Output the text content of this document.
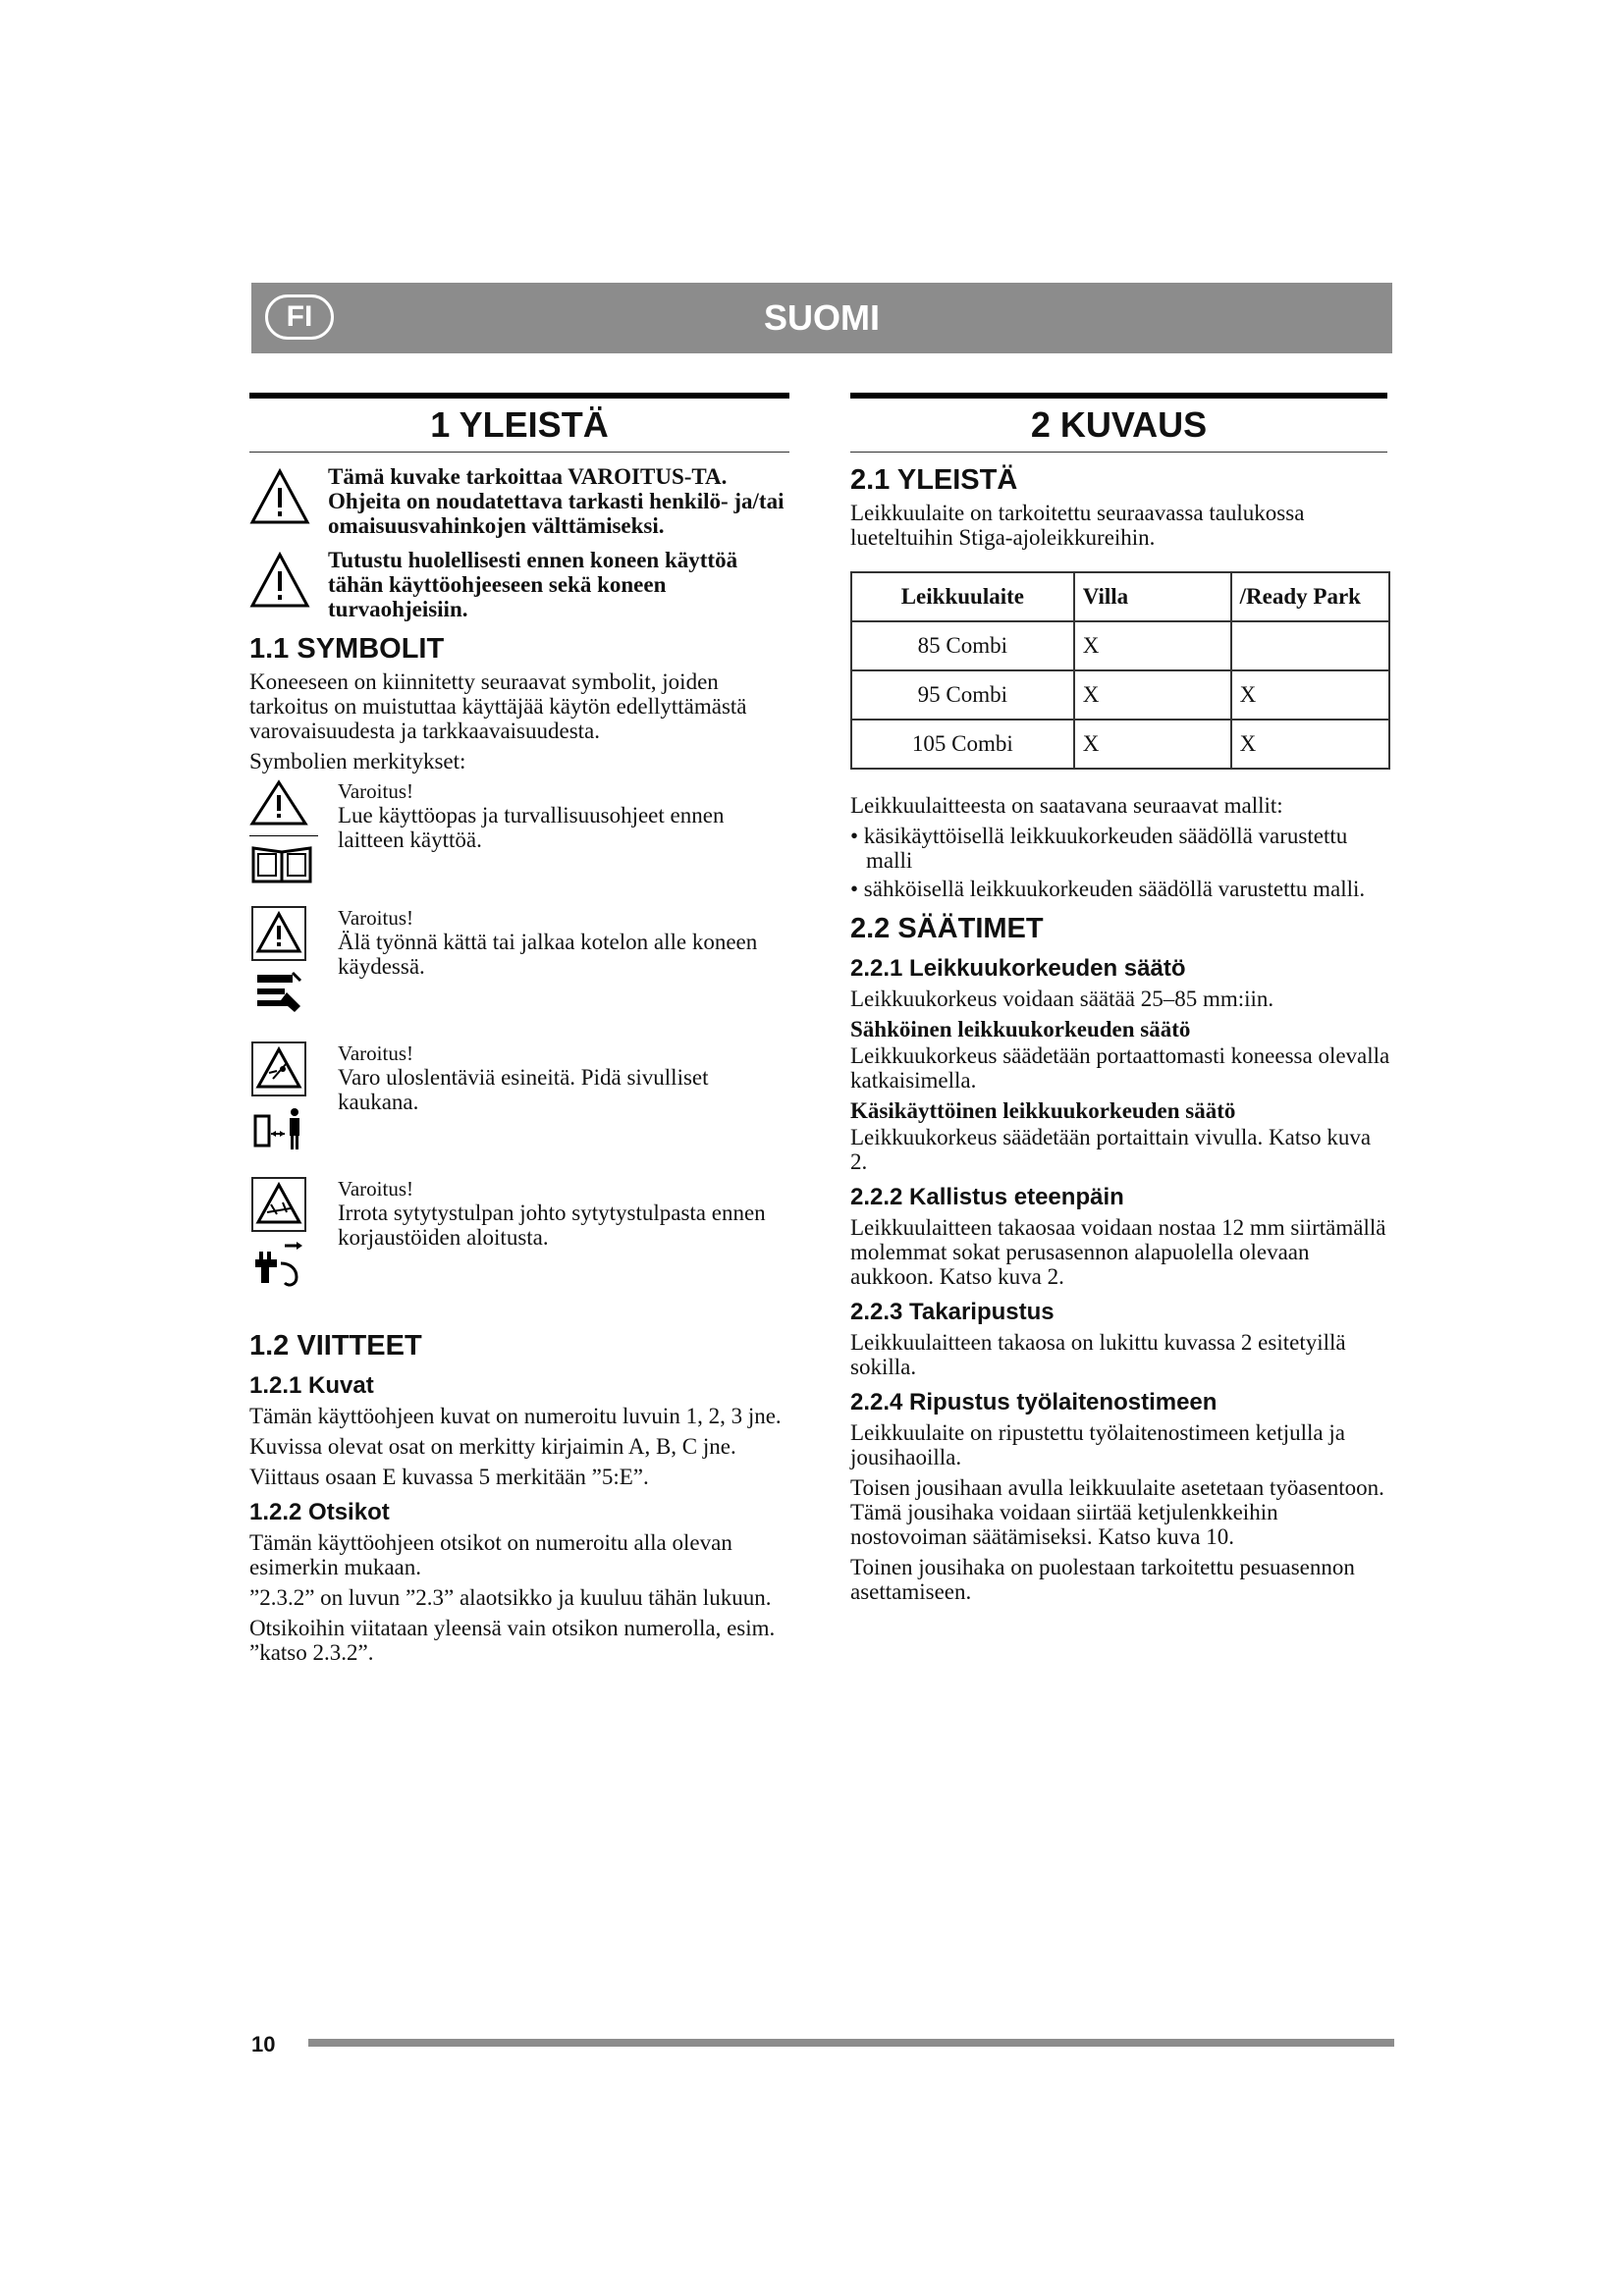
FI	SUOMI
1 YLEISTÄ
Tämä kuvake tarkoittaa VAROITUS-TA. Ohjeita on noudatettava tarkasti henkilö- ja/tai omaisuusvahinkojen välttämiseksi.
Tutustu huolellisesti ennen koneen käyttöä tähän käyttöohjeeseen sekä koneen turvaohjeisiin.
1.1 SYMBOLIT

Koneeseen on kiinnitetty seuraavat symbolit, joiden tarkoitus on muistuttaa käyttäjää käytön edellyttämästä varovaisuudesta ja tarkkaavaisuudesta.

Symbolien merkitykset:

Varoitus!
Lue käyttöopas ja turvallisuusohjeet ennen laitteen käyttöä.
Varoitus!
Älä työnnä kättä tai jalkaa kotelon alle koneen käydessä.
Varoitus!
Varo uloslentäviä esineitä. Pidä sivulliset kaukana.
Varoitus!
Irrota sytytystulpan johto sytytystulpasta ennen korjaustöiden aloitusta.
1.2 VIITTEET
1.2.1 Kuvat

Tämän käyttöohjeen kuvat on numeroitu luvuin 1, 2, 3 jne.

Kuvissa olevat osat on merkitty kirjaimin A, B, C jne.

Viittaus osaan E kuvassa 5 merkitään ”5:E”.

1.2.2 Otsikot

Tämän käyttöohjeen otsikot on numeroitu alla olevan esimerkin mukaan.

”2.3.2” on luvun ”2.3” alaotsikko ja kuuluu tähän lukuun.

Otsikoihin viitataan yleensä vain otsikon numerolla, esim. ”katso 2.3.2”.

2 KUVAUS
2.1 YLEISTÄ

Leikkuulaite on tarkoitettu seuraavassa taulukossa lueteltuihin Stiga-ajoleikkureihin.

Leikkuulaite	Villa	/Ready Park
85 Combi	X	
95 Combi	X	X
105 Combi	X	X

Leikkuulaitteesta on saatavana seuraavat mallit:

• käsikäyttöisellä leikkuukorkeuden säädöllä varustettu malli
• sähköisellä leikkuukorkeuden säädöllä varustettu malli.
2.2 SÄÄTIMET
2.2.1 Leikkuukorkeuden säätö

Leikkuukorkeus voidaan säätää 25–85 mm:iin.

Sähköinen leikkuukorkeuden säätö

Leikkuukorkeus säädetään portaattomasti koneessa olevalla katkaisimella.

Käsikäyttöinen leikkuukorkeuden säätö

Leikkuukorkeus säädetään portaittain vivulla. Katso kuva 2.

2.2.2 Kallistus eteenpäin

Leikkuulaitteen takaosaa voidaan nostaa 12 mm siirtämällä molemmat sokat perusasennon alapuolella olevaan aukkoon. Katso kuva 2.

2.2.3 Takaripustus

Leikkuulaitteen takaosa on lukittu kuvassa 2 esitetyillä sokilla.

2.2.4 Ripustus työlaitenostimeen

Leikkuulaite on ripustettu työlaitenostimeen ketjulla ja jousihaoilla.

Toisen jousihaan avulla leikkuulaite asetetaan työasentoon. Tämä jousihaka voidaan siirtää ketjulenkkeihin nostovoiman säätämiseksi. Katso kuva 10.

Toinen jousihaka on puolestaan tarkoitettu pesuasennon asettamiseen.

10
